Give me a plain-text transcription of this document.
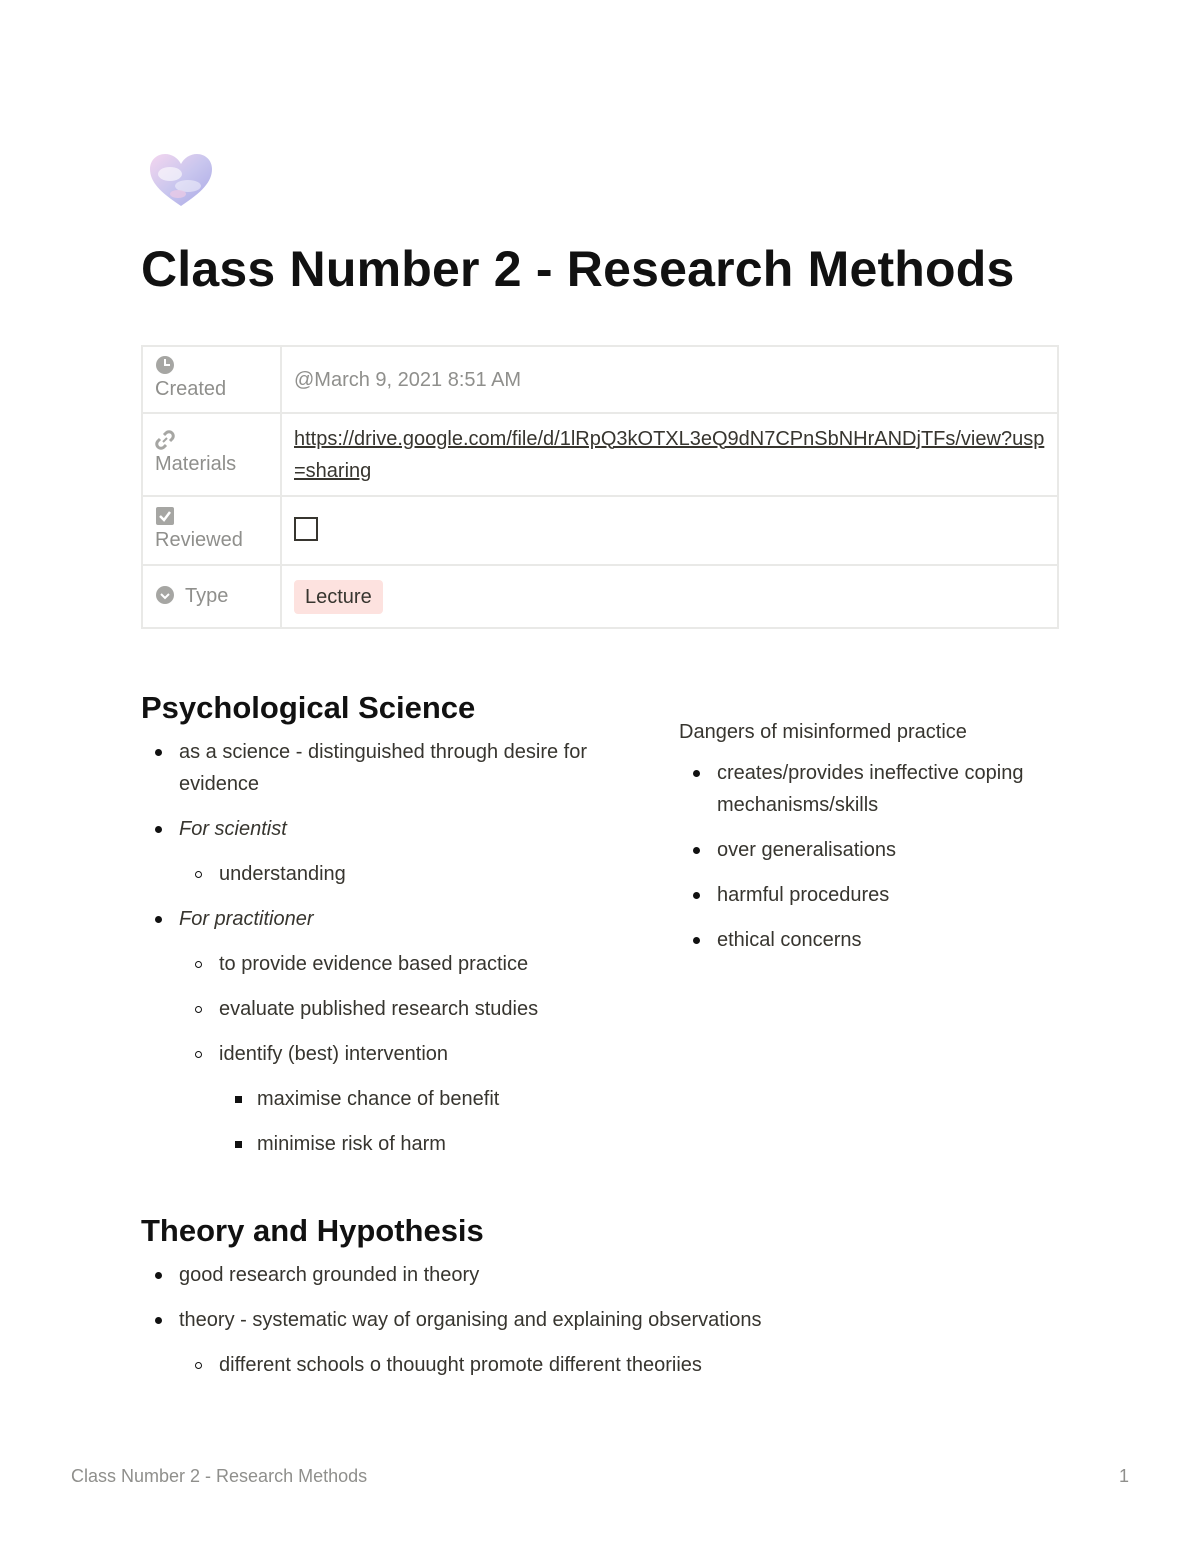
Class Number 2 - Research Methods
Created	@March 9, 2021 8:51 AM

Materials	https://drive.google.com/file/d/1lRpQ3kOTXL3eQ9dN7CPnSbNHrANDjTFs/view?usp=sharing

Reviewed	
Type	Lecture
Psychological Science
as a science - distinguished through desire for evidence
For scientist
understanding
For practitioner
to provide evidence based practice
evaluate published research studies
identify (best) intervention
maximise chance of benefit
minimise risk of harm

Dangers of misinformed practice

creates/provides ineffective coping mechanisms/skills
over generalisations
harmful procedures
ethical concerns
Theory and Hypothesis
good research grounded in theory
theory - systematic way of organising and explaining observations
different schools o thouught promote different theoriies
Class Number 2 - Research Methods	1
